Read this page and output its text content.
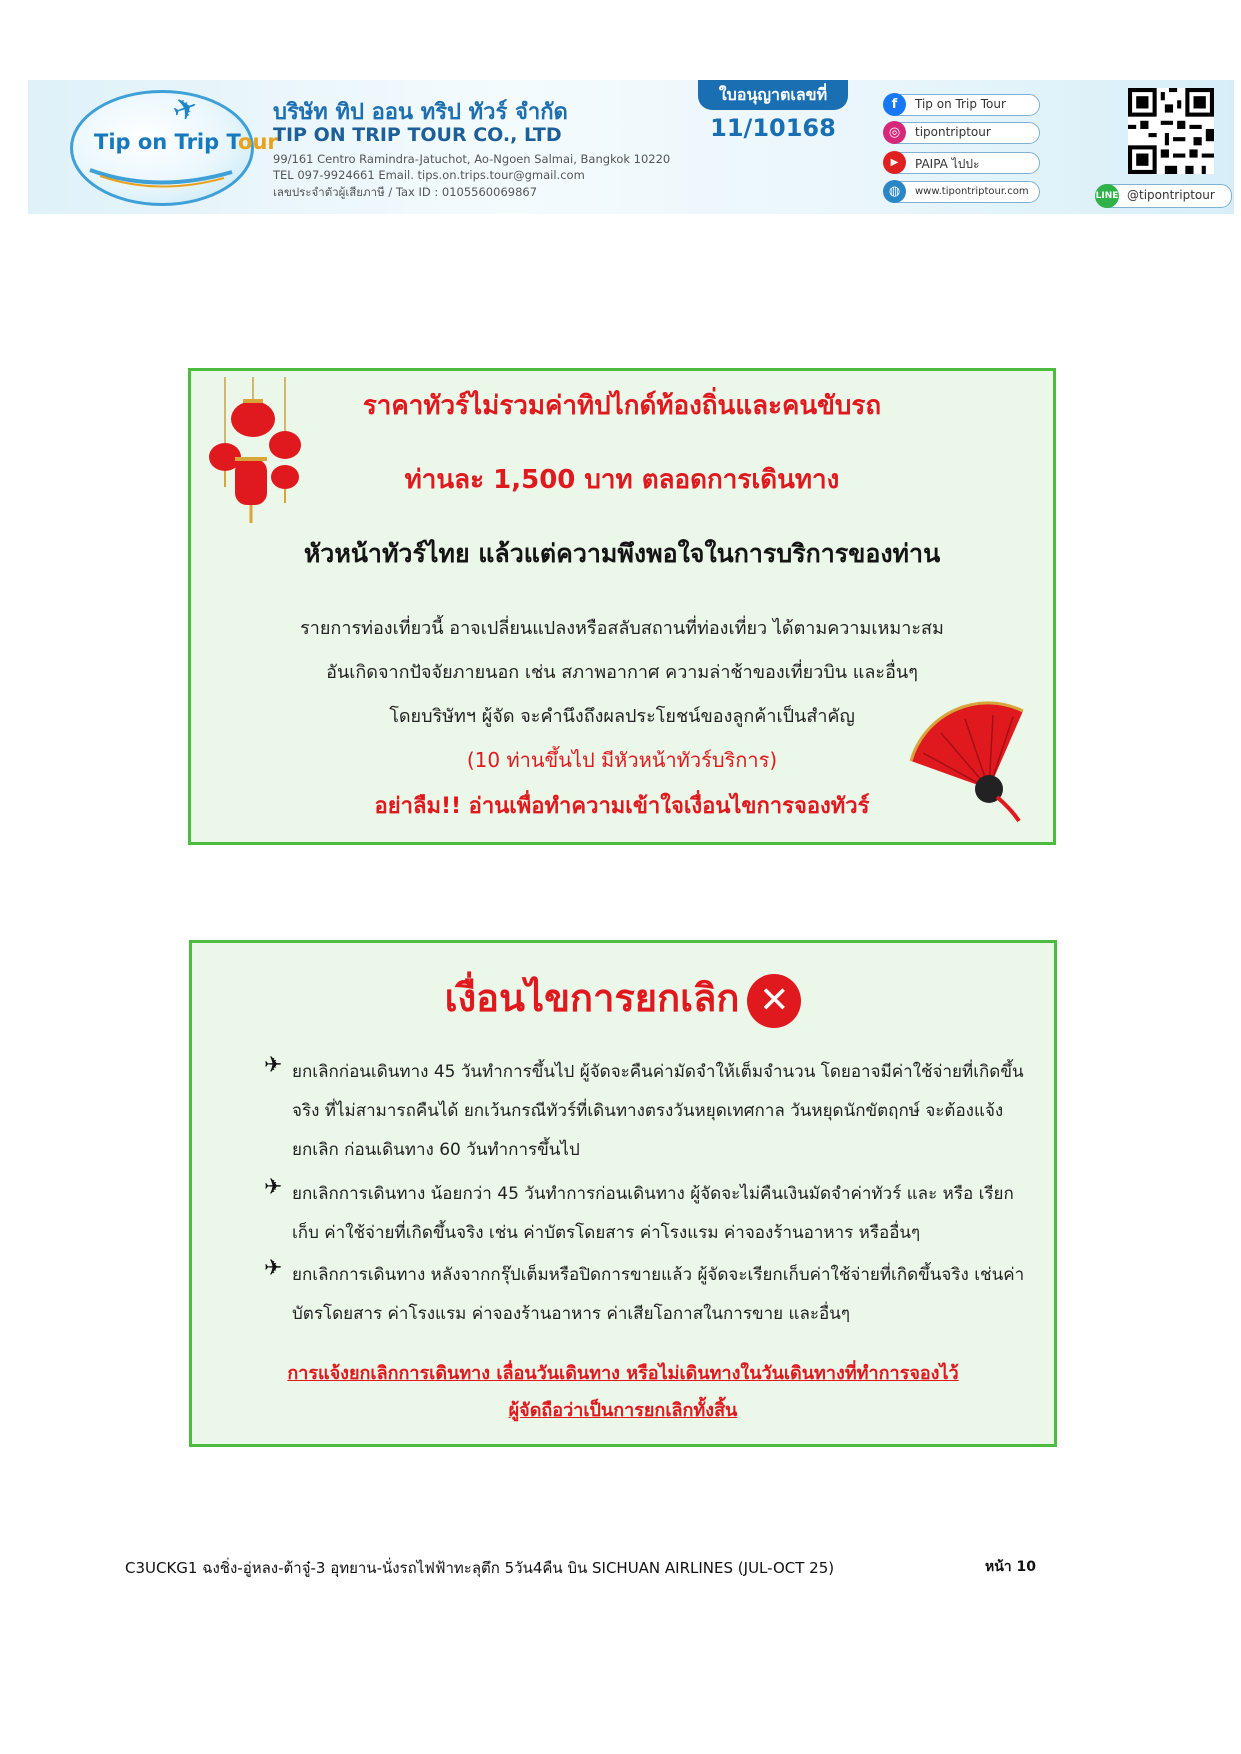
✈
Tip on Trip Tour
บริษัท ทิป ออน ทริป ทัวร์ จำกัด
TIP ON TRIP TOUR CO., LTD
99/161 Centro Ramindra-Jatuchot, Ao-Ngoen Salmai, Bangkok 10220
TEL 097-9924661 Email. tips.on.trips.tour@gmail.com
เลขประจำตัวผู้เสียภาษี / Tax ID : 0105560069867
ใบอนุญาตเลขที่
11/10168
f	Tip on Trip Tour
◎	tipontriptour
▶	PAIPA ไปปะ
◍	www.tipontriptour.com	LINE @tipontriptour
ราคาทัวร์ไม่รวมค่าทิปไกด์ท้องถิ่นและคนขับรถ
ท่านละ 1,500 บาท ตลอดการเดินทาง
หัวหน้าทัวร์ไทย แล้วแต่ความพึงพอใจในการบริการของท่าน
รายการท่องเที่ยวนี้ อาจเปลี่ยนแปลงหรือสลับสถานที่ท่องเที่ยว ได้ตามความเหมาะสม
อันเกิดจากปัจจัยภายนอก เช่น สภาพอากาศ ความล่าช้าของเที่ยวบิน และอื่นๆ
โดยบริษัทฯ ผู้จัด จะคำนึงถึงผลประโยชน์ของลูกค้าเป็นสำคัญ
(10 ท่านขึ้นไป มีหัวหน้าทัวร์บริการ)
อย่าลืม!! อ่านเพื่อทำความเข้าใจเงื่อนไขการจองทัวร์
เงื่อนไขการยกเลิก ✕
✈ ยกเลิกก่อนเดินทาง 45 วันทำการขึ้นไป ผู้จัดจะคืนค่ามัดจำให้เต็มจำนวน โดยอาจมีค่าใช้จ่ายที่เกิดขึ้นจริง ที่ไม่สามารถคืนได้ ยกเว้นกรณีทัวร์ที่เดินทางตรงวันหยุดเทศกาล วันหยุดนักขัตฤกษ์ จะต้องแจ้งยกเลิก ก่อนเดินทาง 60 วันทำการขึ้นไป
✈ ยกเลิกการเดินทาง น้อยกว่า 45 วันทำการก่อนเดินทาง ผู้จัดจะไม่คืนเงินมัดจำค่าทัวร์ และ หรือ เรียกเก็บ ค่าใช้จ่ายที่เกิดขึ้นจริง เช่น ค่าบัตรโดยสาร ค่าโรงแรม ค่าจองร้านอาหาร หรืออื่นๆ
✈ ยกเลิกการเดินทาง หลังจากกรุ๊ปเต็มหรือปิดการขายแล้ว ผู้จัดจะเรียกเก็บค่าใช้จ่ายที่เกิดขึ้นจริง เช่นค่า บัตรโดยสาร ค่าโรงแรม ค่าจองร้านอาหาร ค่าเสียโอกาสในการขาย และอื่นๆ
การแจ้งยกเลิกการเดินทาง เลื่อนวันเดินทาง หรือไม่เดินทางในวันเดินทางที่ทำการจองไว้
ผู้จัดถือว่าเป็นการยกเลิกทั้งสิ้น
C3UCKG1 ฉงชิ่ง-อู่หลง-ต้าจู๋-3 อุทยาน-นั่งรถไฟฟ้าทะลุตึก 5วัน4คืน บิน SICHUAN AIRLINES (JUL-OCT 25)	หน้า 10
